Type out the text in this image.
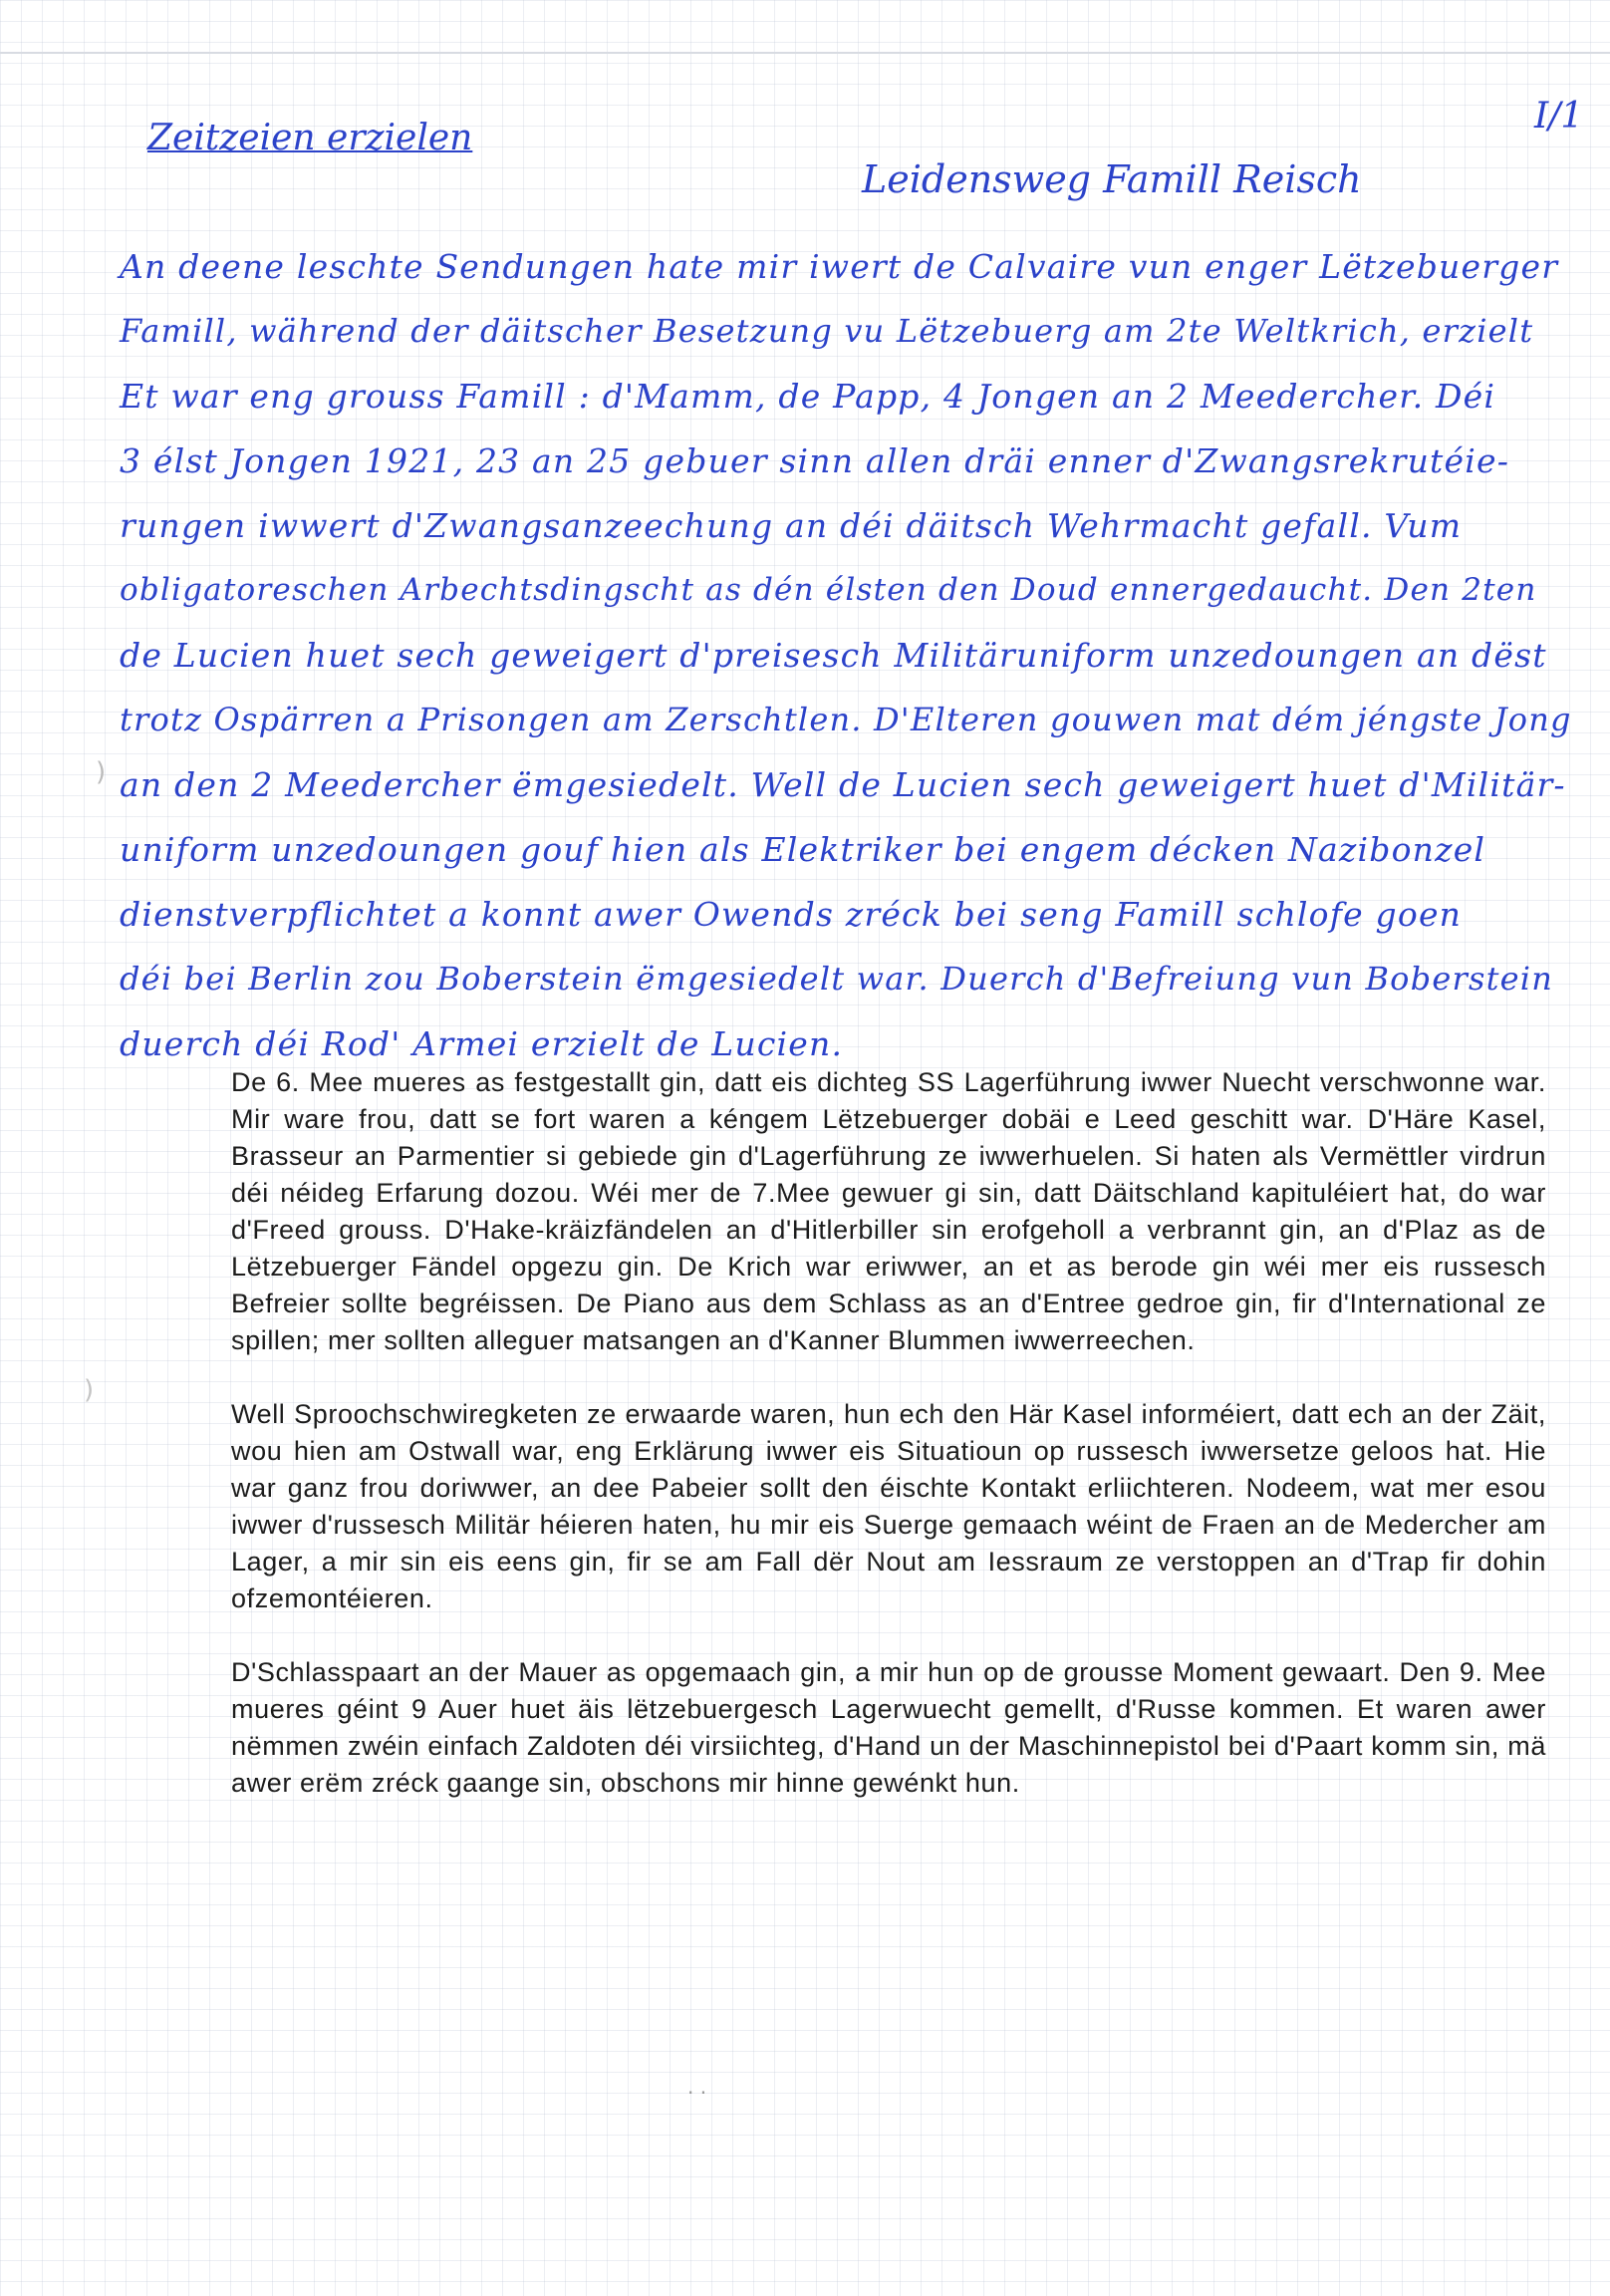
Zeitzeien erzielen
I/1
Leidensweg Famill Reisch
An deene leschte Sendungen hate mir iwert de Calvaire vun enger Lëtzebuerger
Famill, während der däitscher Besetzung vu Lëtzebuerg am 2te Weltkrich, erzielt
Et war eng grouss Famill : d'Mamm, de Papp, 4 Jongen an 2 Meedercher. Déi
3 élst Jongen 1921, 23 an 25 gebuer sinn allen dräi enner d'Zwangsrekrutéie-
rungen iwwert d'Zwangsanzeechung an déi däitsch Wehrmacht gefall. Vum
obligatoreschen Arbechtsdingscht as dén élsten den Doud ennergedaucht. Den 2ten
de Lucien huet sech geweigert d'preisesch Militäruniform unzedoungen an dëst
trotz Ospärren a Prisongen am Zerschtlen. D'Elteren gouwen mat dém jéngste Jong
an den 2 Meedercher ëmgesiedelt. Well de Lucien sech geweigert huet d'Militär-
uniform unzedoungen gouf hien als Elektriker bei engem décken Nazibonzel
dienstverpflichtet a konnt awer Owends zréck bei seng Famill schlofe goen
déi bei Berlin zou Boberstein ëmgesiedelt war. Duerch d'Befreiung vun Boberstein
duerch déi Rod' Armei erzielt de Lucien.
)
)

De 6. Mee mueres as festgestallt gin, datt eis dichteg SS Lagerführung iwwer Nuecht verschwonne war. Mir ware frou, datt se fort waren a kéngem Lëtzebuerger dobäi e Leed geschitt war. D'Häre Kasel, Brasseur an Parmentier si gebiede gin d'Lagerführung ze iwwerhuelen. Si haten als Vermëttler virdrun déi néideg Erfarung dozou. Wéi mer de 7.Mee gewuer gi sin, datt Däitschland kapituléiert hat, do war d'Freed grouss. D'Hake-kräizfändelen an d'Hitlerbiller sin erofgeholl a verbrannt gin, an d'Plaz as de Lëtzebuerger Fändel opgezu gin. De Krich war eriwwer, an et as berode gin wéi mer eis russesch Befreier sollte begréissen. De Piano aus dem Schlass as an d'Entree gedroe gin, fir d'International ze spillen; mer sollten alleguer matsangen an d'Kanner Blummen iwwerreechen.

Well Sproochschwiregketen ze erwaarde waren, hun ech den Här Kasel informéiert, datt ech an der Zäit, wou hien am Ostwall war, eng Erklärung iwwer eis Situatioun op russesch iwwersetze geloos hat. Hie war ganz frou doriwwer, an dee Pabeier sollt den éischte Kontakt erliichteren. Nodeem, wat mer esou iwwer d'russesch Militär héieren haten, hu mir eis Suerge gemaach wéint de Fraen an de Medercher am Lager, a mir sin eis eens gin, fir se am Fall dër Nout am Iessraum ze verstoppen an d'Trap fir dohin ofzemontéieren.

D'Schlasspaart an der Mauer as opgemaach gin, a mir hun op de grousse Moment gewaart. Den 9. Mee mueres géint 9 Auer huet äis lëtzebuergesch Lagerwuecht gemellt, d'Russe kommen. Et waren awer nëmmen zwéin einfach Zaldoten déi virsiichteg, d'Hand un der Maschinnepistol bei d'Paart komm sin, mä awer erëm zréck gaange sin, obschons mir hinne gewénkt hun.

· ·
